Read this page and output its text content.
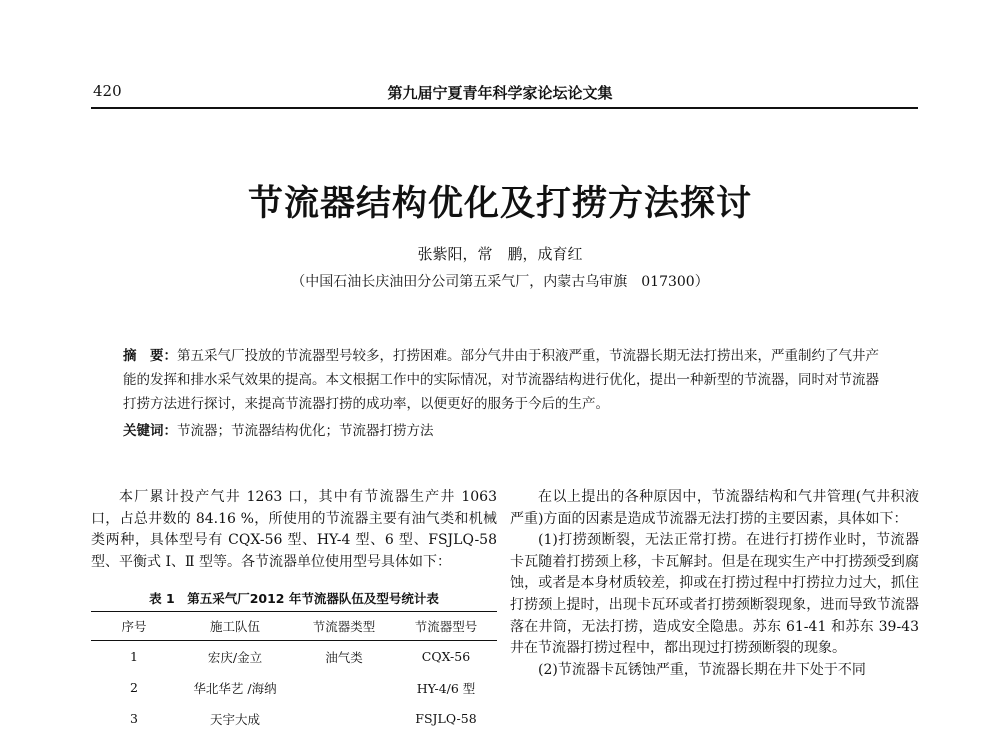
420	第九届宁夏青年科学家论坛论文集
节流器结构优化及打捞方法探讨
张紫阳，常　鹏，成育红
（中国石油长庆油田分公司第五采气厂，内蒙古乌审旗　017300）
摘　要：第五采气厂投放的节流器型号较多，打捞困难。部分气井由于积液严重，节流器长期无法打捞出来，严重制约了气井产能的发挥和排水采气效果的提高。本文根据工作中的实际情况，对节流器结构进行优化，提出一种新型的节流器，同时对节流器打捞方法进行探讨，来提高节流器打捞的成功率，以便更好的服务于今后的生产。
关键词：节流器；节流器结构优化；节流器打捞方法

本厂累计投产气井 1263 口，其中有节流器生产井 1063 口，占总井数的 84.16 %，所使用的节流器主要有油气类和机械类两种，具体型号有 CQX-56 型、HY-4 型、6 型、FSJLQ-58 型、平衡式 Ⅰ、Ⅱ 型等。各节流器单位使用型号具体如下：

表 1　第五采气厂2012 年节流器队伍及型号统计表
序号	施工队伍	节流器类型	节流器型号
1	宏庆/金立	油气类	CQX-56
2	华北华艺 /海纳		HY-4/6 型
3	天宇大成		FSJLQ-58

在以上提出的各种原因中，节流器结构和气井管理(气井积液严重)方面的因素是造成节流器无法打捞的主要因素，具体如下：

(1)打捞颈断裂，无法正常打捞。在进行打捞作业时，节流器卡瓦随着打捞颈上移，卡瓦解封。但是在现实生产中打捞颈受到腐蚀，或者是本身材质较差，抑或在打捞过程中打捞拉力过大，抓住打捞颈上提时，出现卡瓦环或者打捞颈断裂现象，进而导致节流器落在井筒，无法打捞，造成安全隐患。苏东 61-41 和苏东 39-43 井在节流器打捞过程中，都出现过打捞颈断裂的现象。

(2)节流器卡瓦锈蚀严重，节流器长期在井下处于不同
